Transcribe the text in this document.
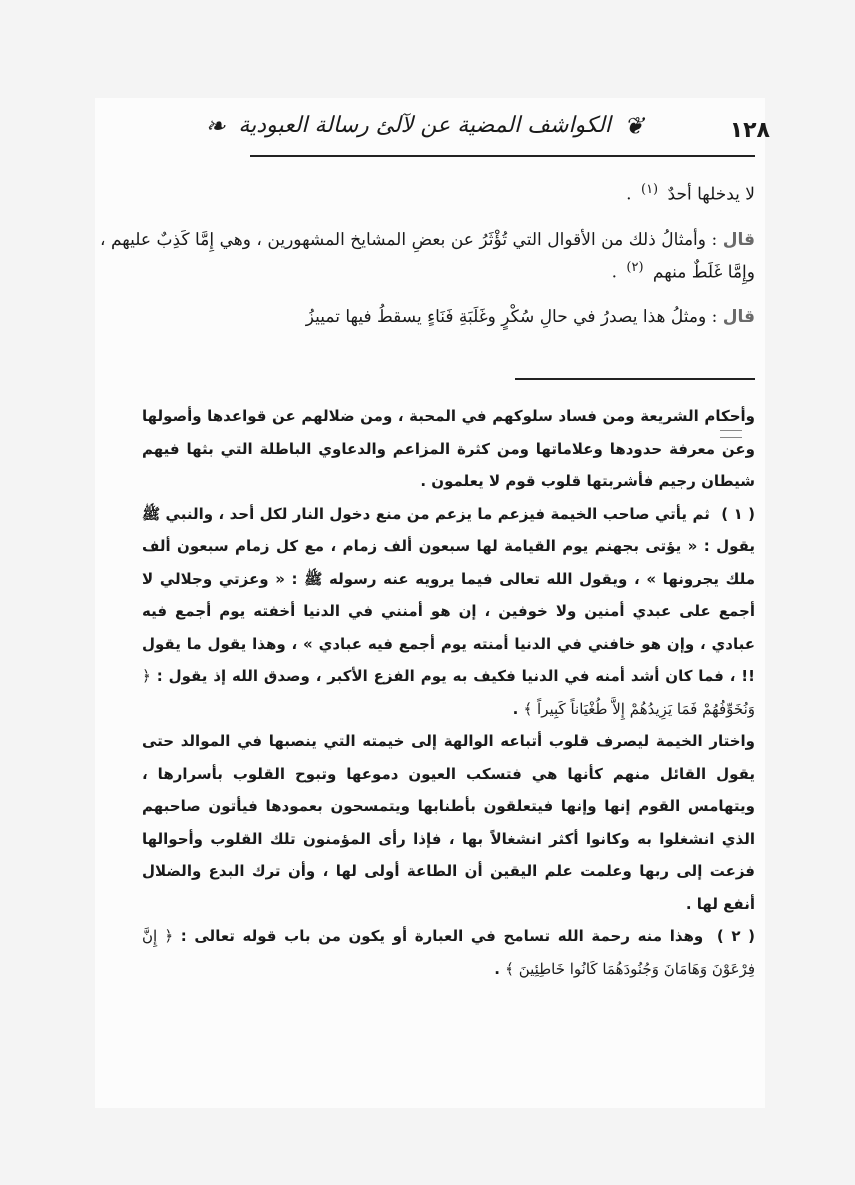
١٢٨
❦ الكواشف المضية عن لآلئ رسالة العبودية ❧

لا يدخلها أحدٌ $^{(١)}$ .

قال : وأمثالُ ذلك من الأقوال التي تُؤْثَرُ عن بعضِ المشايخ المشهورين ، وهي إِمَّا كَذِبٌ عليهم ، وإِمَّا غَلَطٌ منهم $^{(٢)}$ .

قال : ومثلُ هذا يصدرُ في حالِ سُكْرٍ وغَلَبَةِ فَنَاءٍ يسقطُ فيها تمييزُ

وأحكام الشريعة ومن فساد سلوكهم في المحبة ، ومن ضلالهم عن قواعدها وأصولها وعن معرفة حدودها وعلاماتها ومن كثرة المزاعم والدعاوي الباطلة التي بثها فيهم شيطان رجيم فأشربتها قلوب قوم لا يعلمون .

( ١ ) ثم يأتي صاحب الخيمة فيزعم ما يزعم من منع دخول النار لكل أحد ، والنبي ﷺ يقول : « يؤتى بجهنم يوم القيامة لها سبعون ألف زمام ، مع كل زمام سبعون ألف ملك يجرونها » ، ويقول الله تعالى فيما يرويه عنه رسوله ﷺ : « وعزتي وجلالي لا أجمع على عبدي أمنين ولا خوفين ، إن هو أمنني في الدنيا أخفته يوم أجمع فيه عبادي ، وإن هو خافني في الدنيا أمنته يوم أجمع فيه عبادي » ، وهذا يقول ما يقول !! ، فما كان أشد أمنه في الدنيا فكيف به يوم الفزع الأكبر ، وصدق الله إذ يقول : ﴿ وَنُخَوِّفُهُمْ فَمَا يَزِيدُهُمْ إِلاَّ طُغْيَاناً كَبِيراً ﴾ .

واختار الخيمة ليصرف قلوب أتباعه الوالهة إلى خيمته التي ينصبها في الموالد حتى يقول القائل منهم كأنها هي فتسكب العيون دموعها وتبوح القلوب بأسرارها ، ويتهامس القوم إنها وإنها فيتعلقون بأطنابها ويتمسحون بعمودها فيأتون صاحبهم الذي انشغلوا به وكانوا أكثر انشغالاً بها ، فإذا رأى المؤمنون تلك القلوب وأحوالها فزعت إلى ربها وعلمت علم اليقين أن الطاعة أولى لها ، وأن ترك البدع والضلال أنفع لها .

( ٢ ) وهذا منه رحمة الله تسامح في العبارة أو يكون من باب قوله تعالى : ﴿ إِنَّ فِرْعَوْنَ وَهَامَانَ وَجُنُودَهُمَا كَانُوا خَاطِئِينَ ﴾ .
